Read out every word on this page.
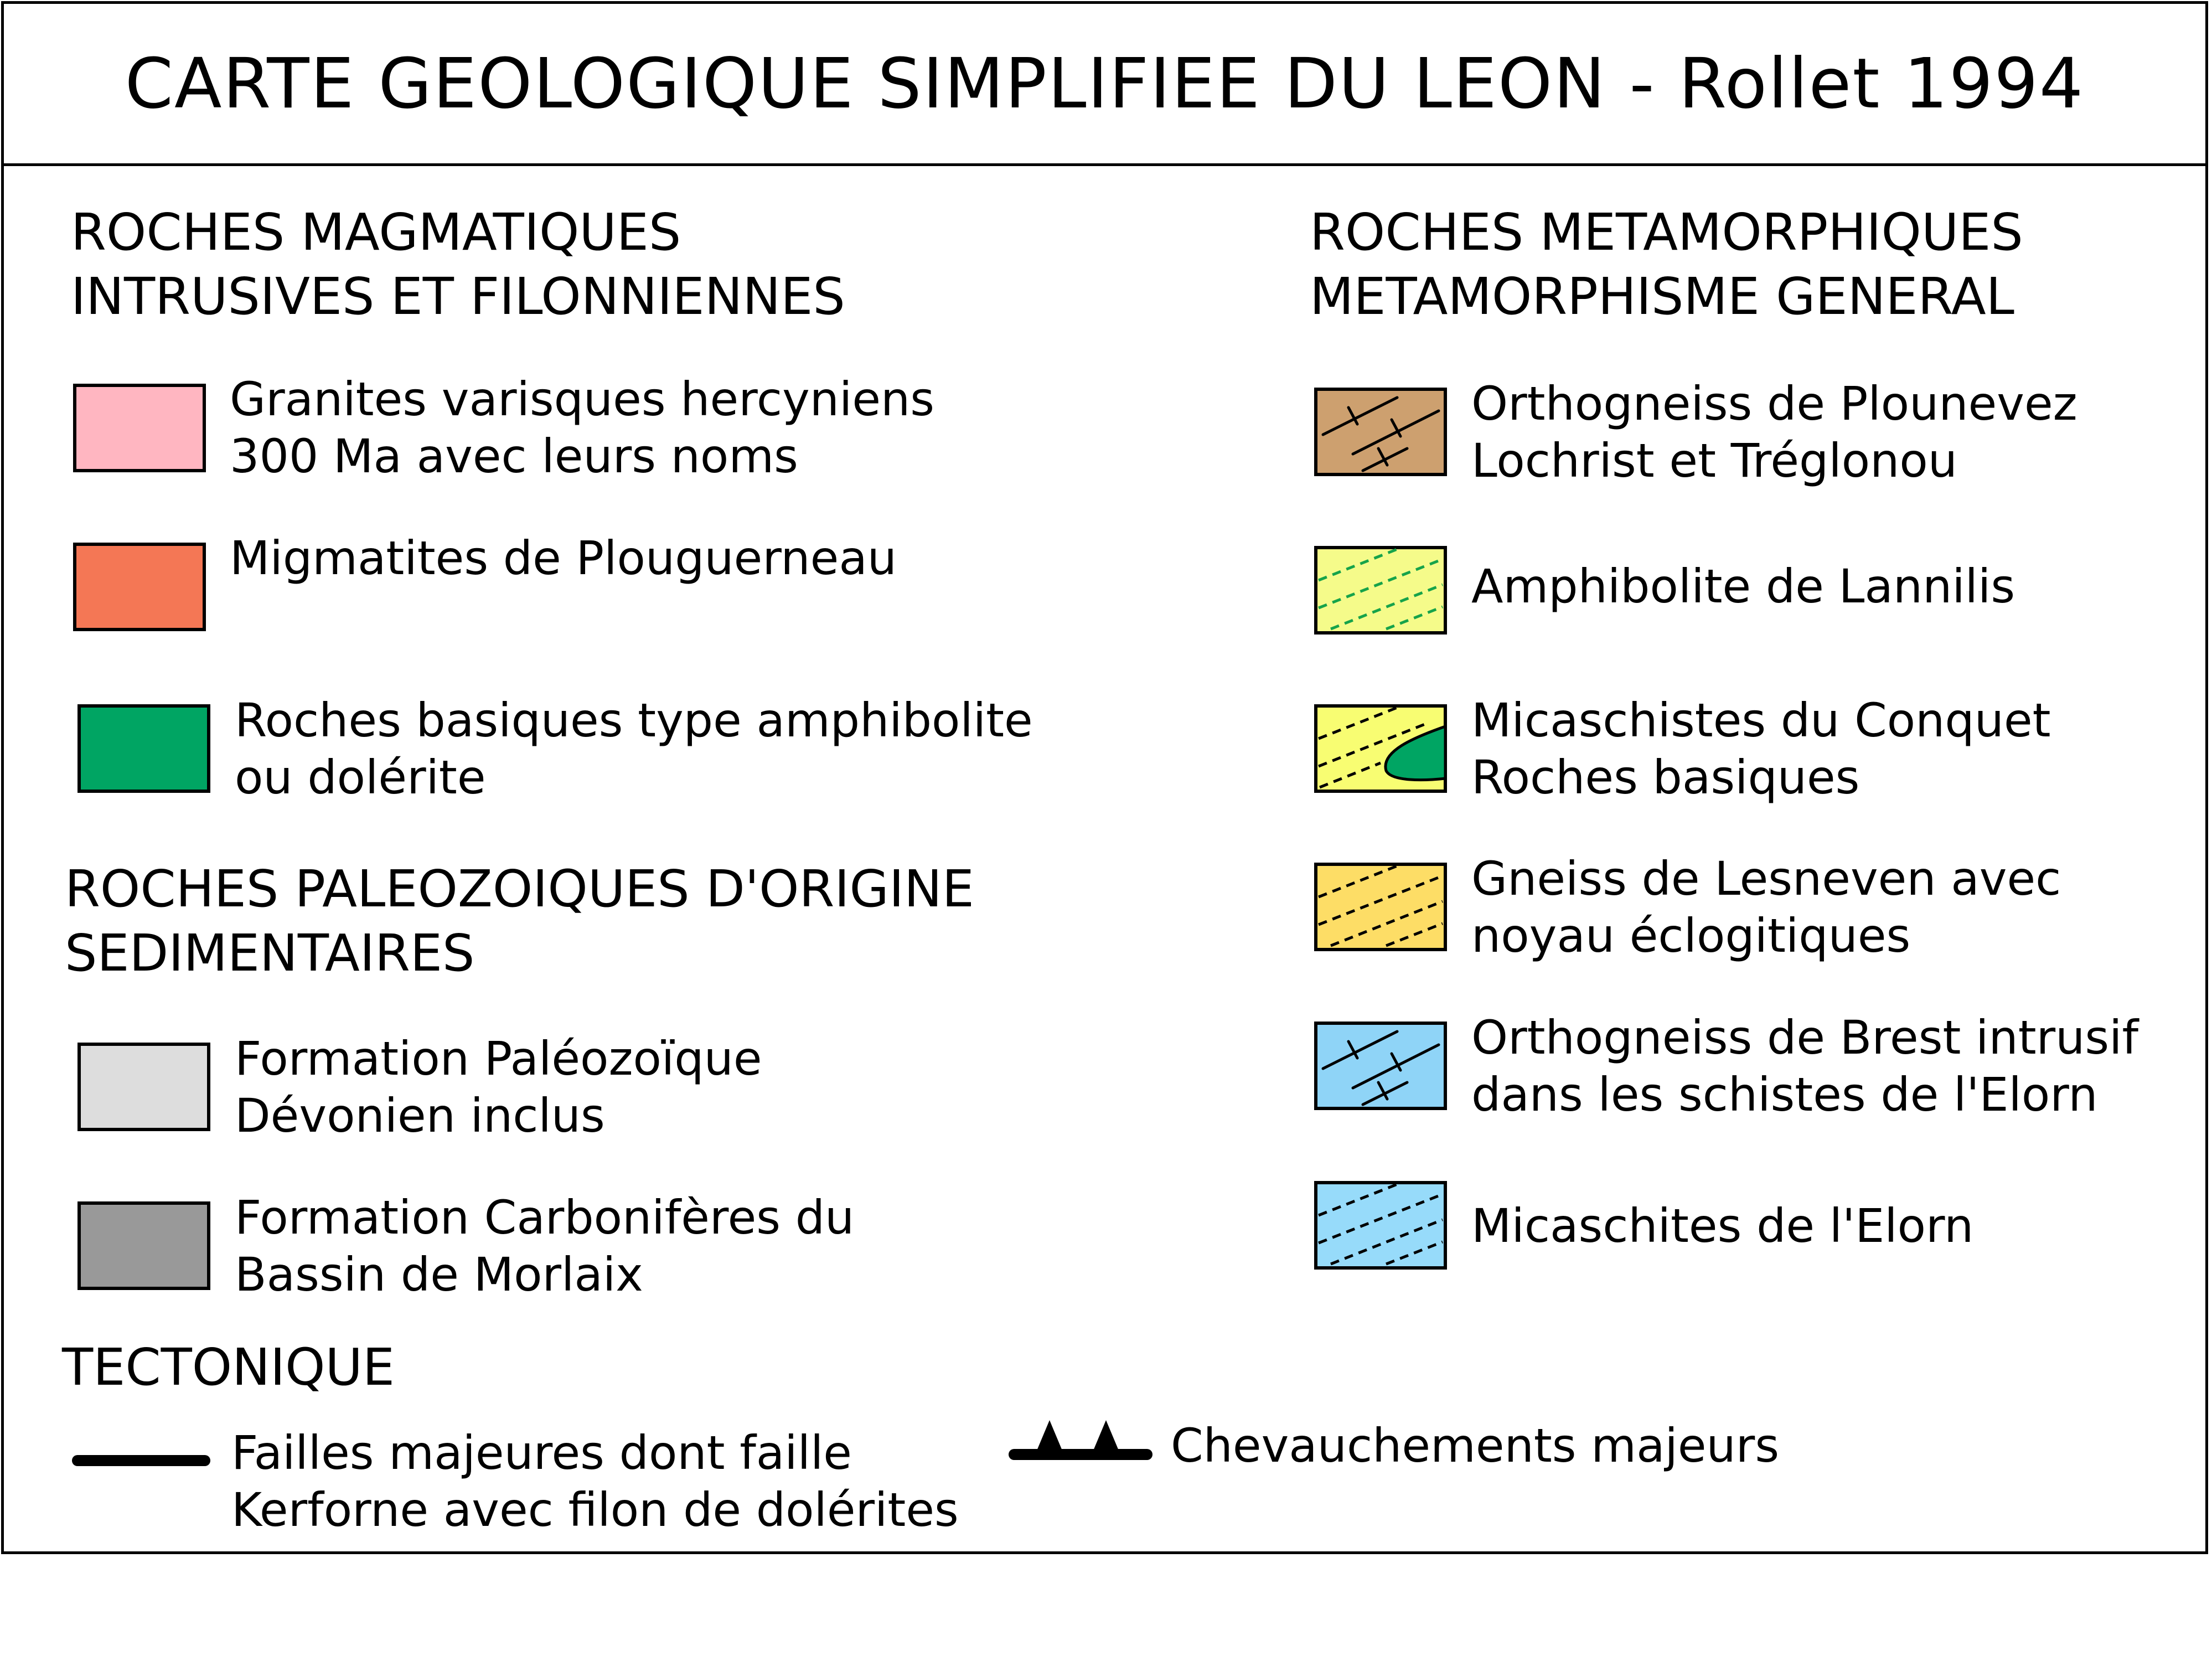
CARTE GEOLOGIQUE SIMPLIFIEE DU LEON - Rollet 1994
ROCHES MAGMATIQUES
INTRUSIVES ET FILONNIENNES
ROCHES PALEOZOIQUES D'ORIGINE
SEDIMENTAIRES
ROCHES METAMORPHIQUES
METAMORPHISME GENERAL
TECTONIQUE
Granites varisques hercyniens
300 Ma avec leurs noms
Migmatites de Plouguerneau
Roches basiques type amphibolite
ou dolérite
Formation Paléozoïque
Dévonien inclus
Formation Carbonifères du
Bassin de Morlaix
Orthogneiss de Plounevez
Lochrist et Tréglonou
Amphibolite de Lannilis
Micaschistes du Conquet
Roches basiques
Gneiss de Lesneven avec
noyau éclogitiques
Orthogneiss de Brest intrusif
dans les schistes de l'Elorn
Micaschites de l'Elorn
Failles majeures dont faille
Kerforne avec filon de dolérites
Chevauchements majeurs
